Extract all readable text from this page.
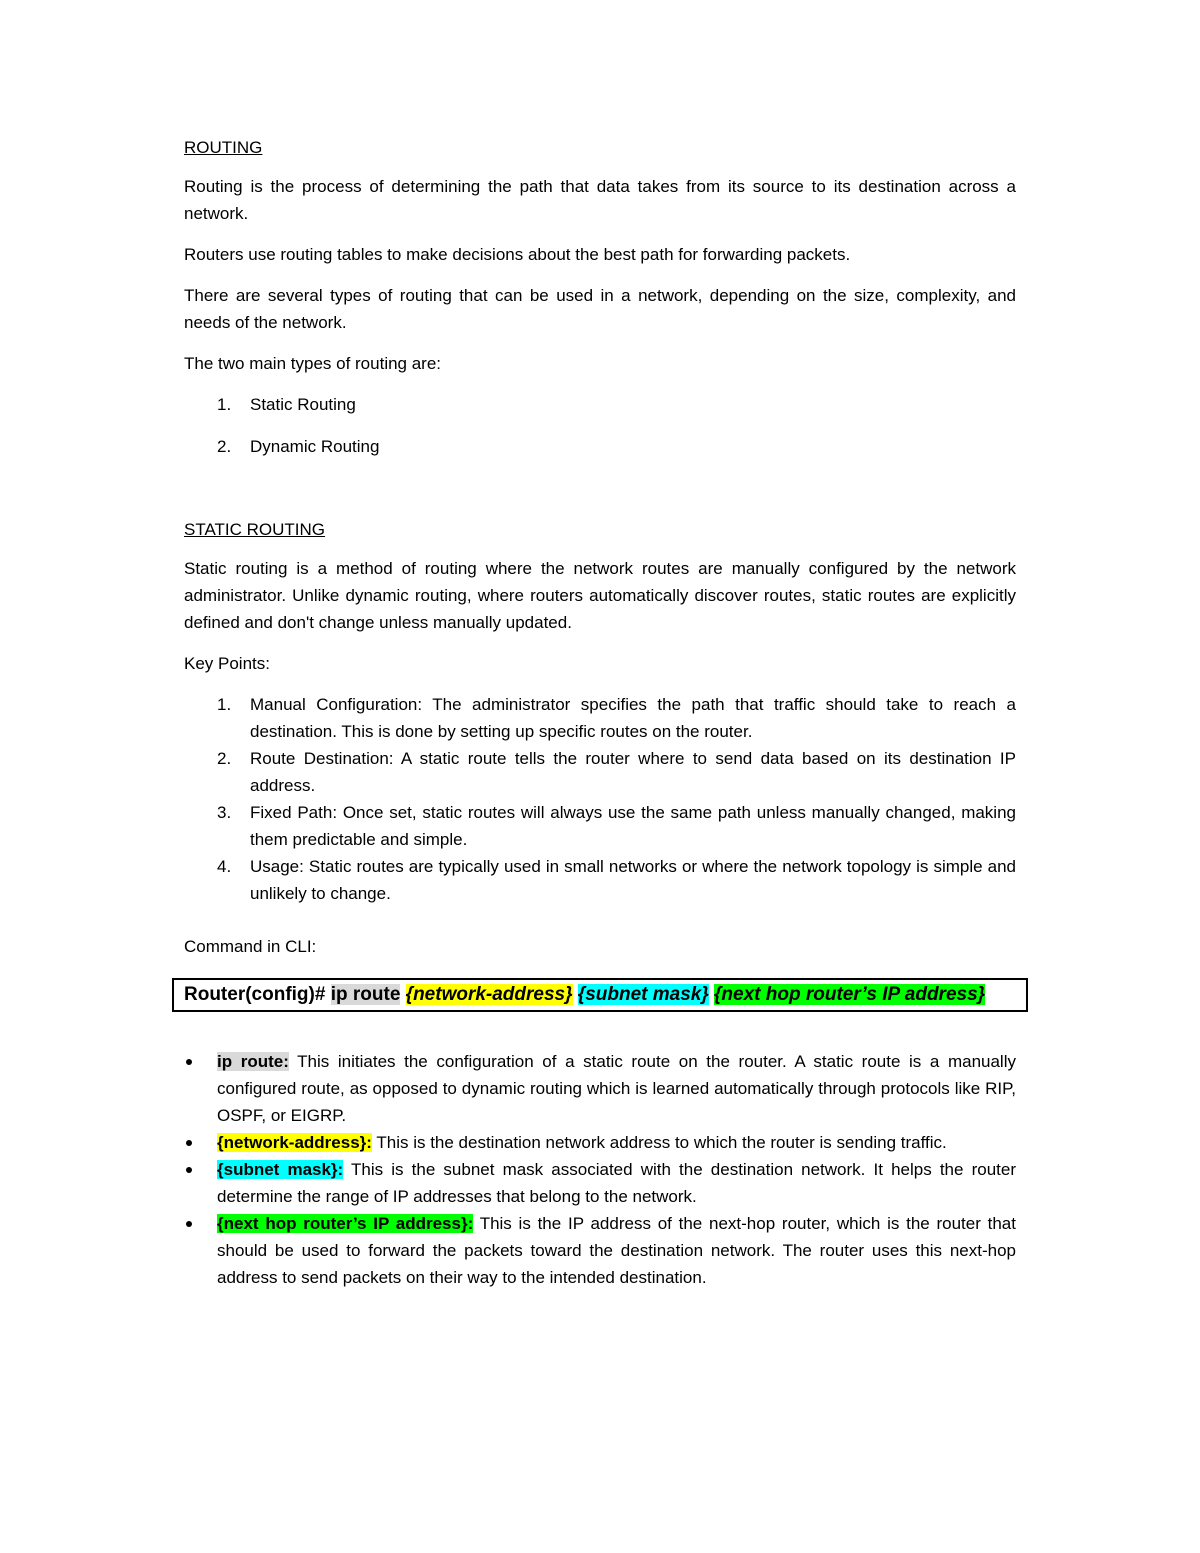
ROUTING

Routing is the process of determining the path that data takes from its source to its destination across a network.

Routers use routing tables to make decisions about the best path for forwarding packets.

There are several types of routing that can be used in a network, depending on the size, complexity, and needs of the network.

The two main types of routing are:

1.	Static Routing
2.	Dynamic Routing

STATIC ROUTING

Static routing is a method of routing where the network routes are manually configured by the network administrator. Unlike dynamic routing, where routers automatically discover routes, static routes are explicitly defined and don't change unless manually updated.

Key Points:

1.	Manual Configuration: The administrator specifies the path that traffic should take to reach a destination. This is done by setting up specific routes on the router.
2.	Route Destination: A static route tells the router where to send data based on its destination IP address.
3.	Fixed Path: Once set, static routes will always use the same path unless manually changed, making them predictable and simple.
4.	Usage: Static routes are typically used in small networks or where the network topology is simple and unlikely to change.

Command in CLI:

Router(config)# ip route {network-address} {subnet mask} {next hop router’s IP address}
ip route: This initiates the configuration of a static route on the router. A static route is a manually configured route, as opposed to dynamic routing which is learned automatically through protocols like RIP, OSPF, or EIGRP.
{network-address}: This is the destination network address to which the router is sending traffic.
{subnet mask}: This is the subnet mask associated with the destination network. It helps the router determine the range of IP addresses that belong to the network.
{next hop router’s IP address}: This is the IP address of the next-hop router, which is the router that should be used to forward the packets toward the destination network. The router uses this next-hop address to send packets on their way to the intended destination.
